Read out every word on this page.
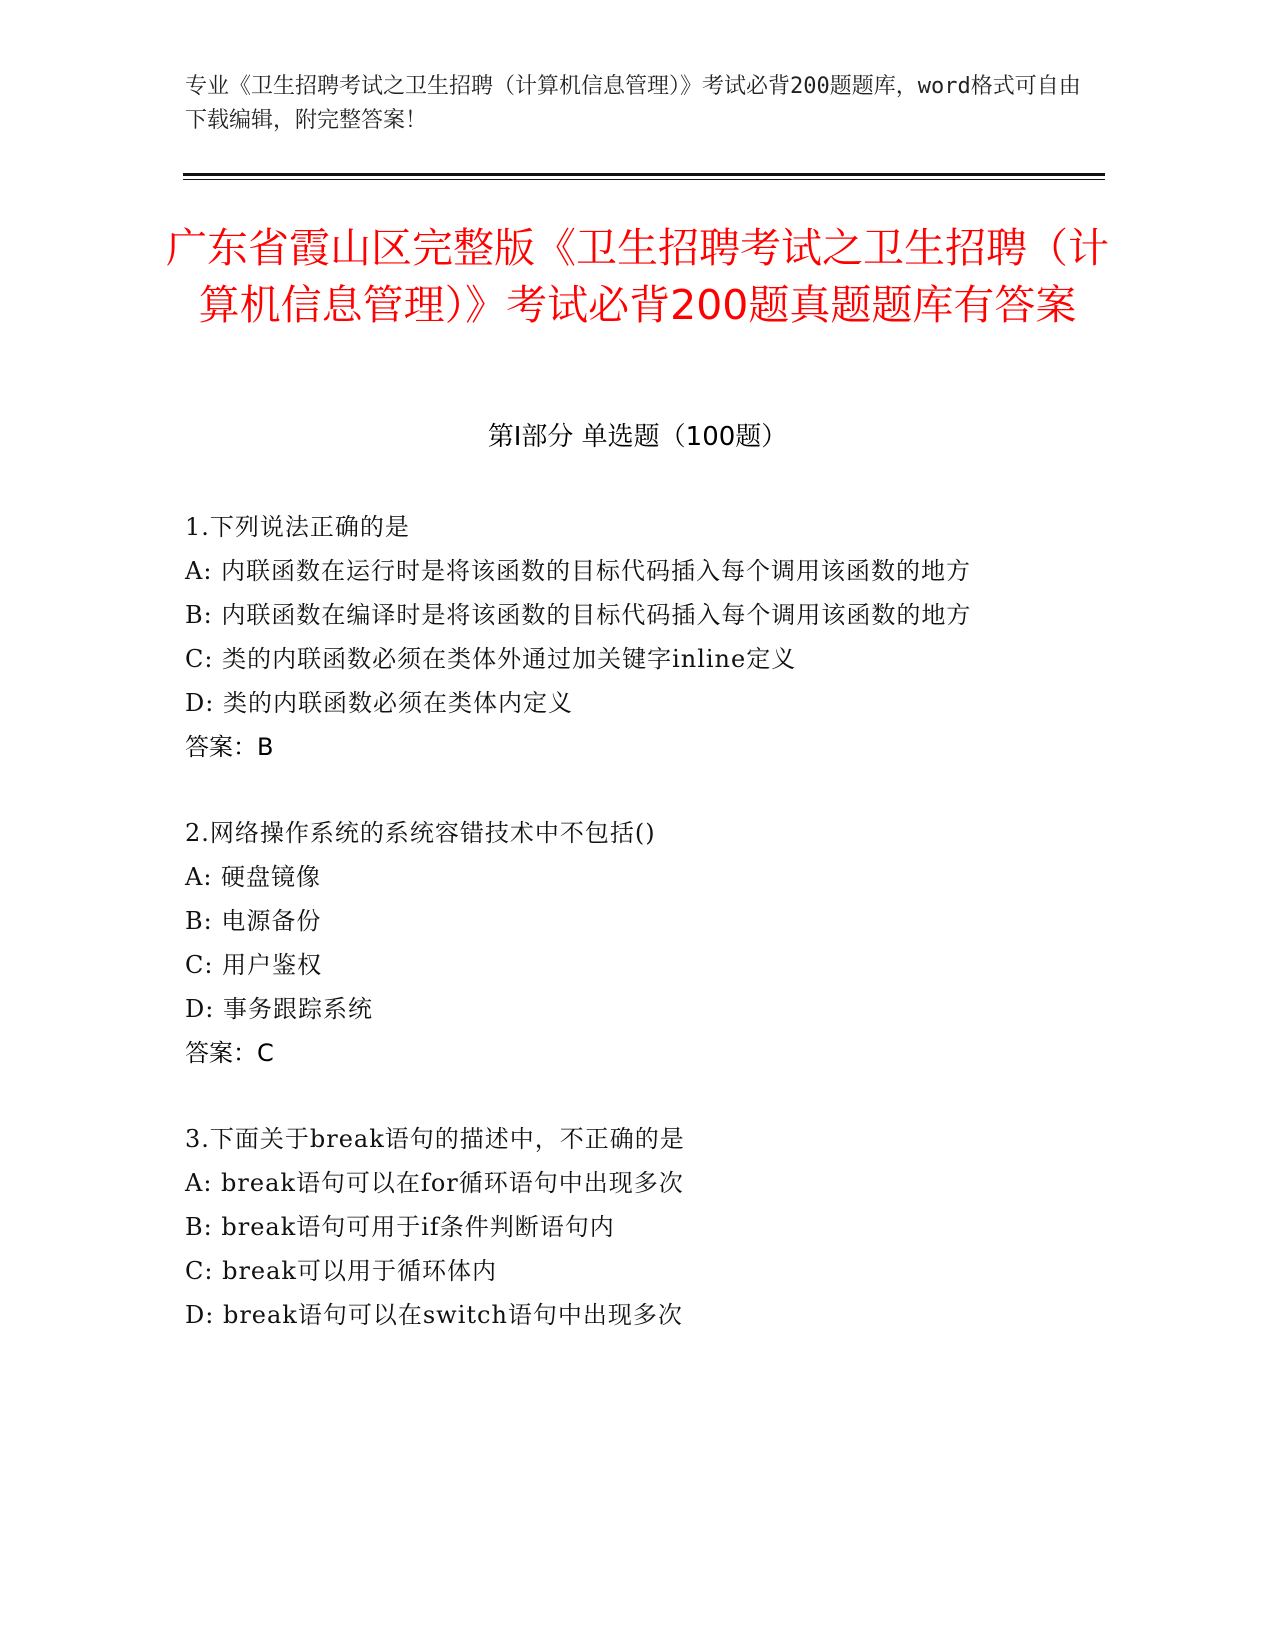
专业《卫生招聘考试之卫生招聘（计算机信息管理）》考试必背200题题库，word格式可自由下载编辑，附完整答案！
广东省霞山区完整版《卫生招聘考试之卫生招聘（计算机信息管理）》考试必背200题真题题库有答案
第Ⅰ部分 单选题（100题）
1.下列说法正确的是
A: 内联函数在运行时是将该函数的目标代码插入每个调用该函数的地方
B: 内联函数在编译时是将该函数的目标代码插入每个调用该函数的地方
C: 类的内联函数必须在类体外通过加关键字inline定义
D: 类的内联函数必须在类体内定义
答案：B
2.网络操作系统的系统容错技术中不包括()
A: 硬盘镜像
B: 电源备份
C: 用户鉴权
D: 事务跟踪系统
答案：C
3.下面关于break语句的描述中，不正确的是
A: break语句可以在for循环语句中出现多次
B: break语句可用于if条件判断语句内
C: break可以用于循环体内
D: break语句可以在switch语句中出现多次
